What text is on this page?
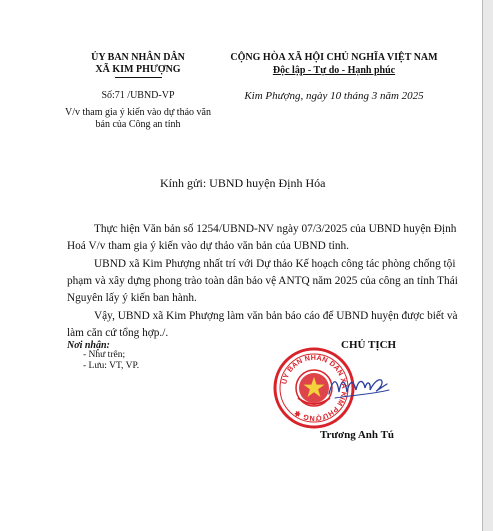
ỦY BAN NHÂN DÂN
XÃ KIM PHƯỢNG
Số:71 /UBND-VP
V/v tham gia ý kiến vào dự thảo văn
bản của Công an tỉnh
CỘNG HÒA XÃ HỘI CHỦ NGHĨA VIỆT NAM
Độc lập - Tự do - Hạnh phúc
Kim Phượng, ngày 10 tháng 3 năm 2025
Kính gửi: UBND huyện Định Hóa
Thực hiện Văn bản số 1254/UBND-NV ngày 07/3/2025 của UBND huyện Định
Hoá V/v tham gia ý kiến vào dự thảo văn bản của UBND tỉnh.
UBND xã Kim Phượng nhất trí với Dự thảo Kế hoạch công tác phòng chống tội
phạm và xây dựng phong trào toàn dân bảo vệ ANTQ năm 2025 của công an tỉnh Thái
Nguyên lấy ý kiến ban hành.
Vậy, UBND xã Kim Phượng làm văn bản báo cáo để UBND huyện được biết và
làm căn cứ tổng hợp./.
Nơi nhận:
- Như trên;
- Lưu: VT, VP.
CHỦ TỊCH
ỦY BAN NHÂN DÂN XÃ KIM PHƯỢNG ✱
Trương Anh Tú
